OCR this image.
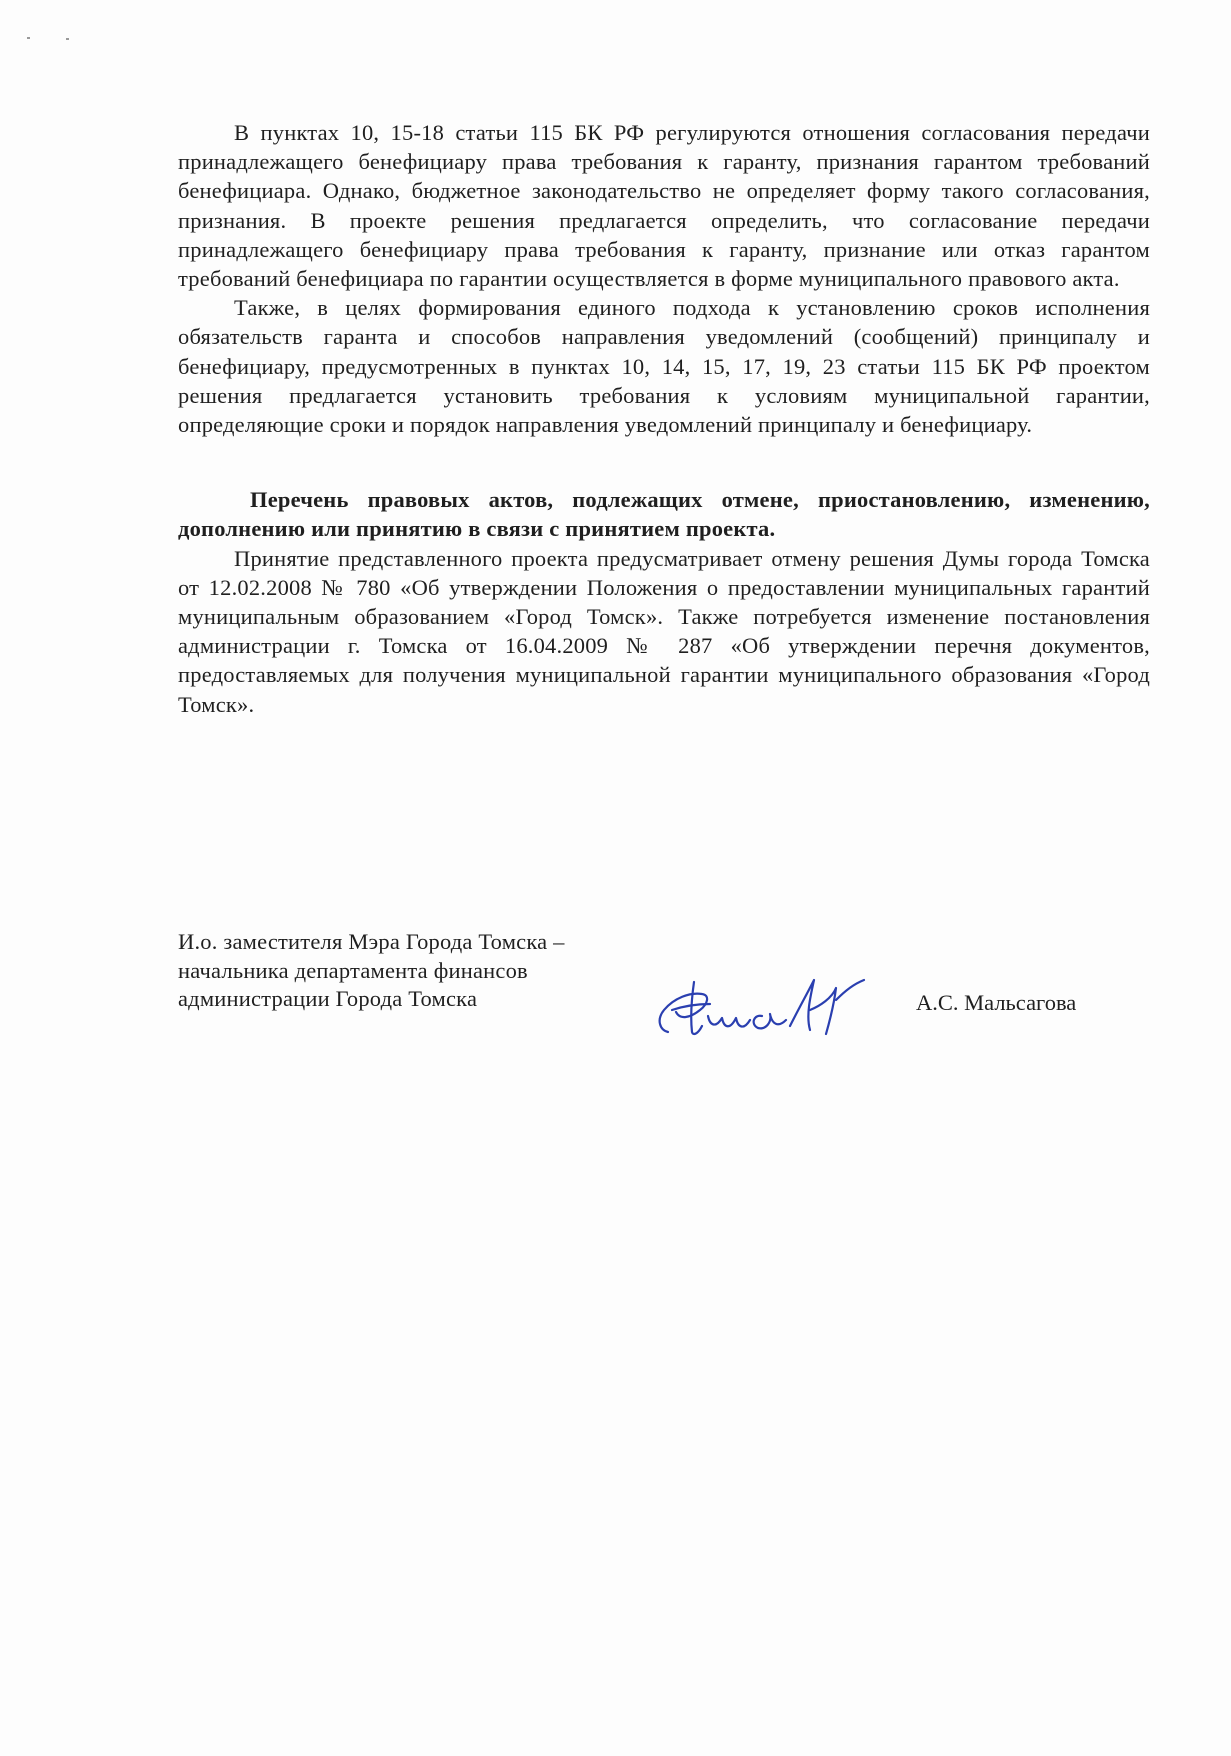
В пунктах 10, 15-18 статьи 115 БК РФ регулируются отношения согласования передачи принадлежащего бенефициару права требования к гаранту, признания гарантом требований бенефициара. Однако, бюджетное законодательство не определяет форму такого согласования, признания. В проекте решения предлагается определить, что согласование передачи принадлежащего бенефициару права требования к гаранту, признание или отказ гарантом требований бенефициара по гарантии осуществляется в форме муниципального правового акта.

Также, в целях формирования единого подхода к установлению сроков исполнения обязательств гаранта и способов направления уведомлений (сообщений) принципалу и бенефициару, предусмотренных в пунктах 10, 14, 15, 17, 19, 23 статьи 115 БК РФ проектом решения предлагается установить требования к условиям муниципальной гарантии, определяющие сроки и порядок направления уведомлений принципалу и бенефициару.

Перечень правовых актов, подлежащих отмене, приостановлению, изменению, дополнению или принятию в связи с принятием проекта.

Принятие представленного проекта предусматривает отмену решения Думы города Томска от 12.02.2008 № 780 «Об утверждении Положения о предоставлении муниципальных гарантий муниципальным образованием «Город Томск». Также потребуется изменение постановления администрации г. Томска от 16.04.2009 № 287 «Об утверждении перечня документов, предоставляемых для получения муниципальной гарантии муниципального образования «Город Томск».

И.о. заместителя Мэра Города Томска –
начальника департамента финансов
администрации Города Томска	А.С. Мальсагова
